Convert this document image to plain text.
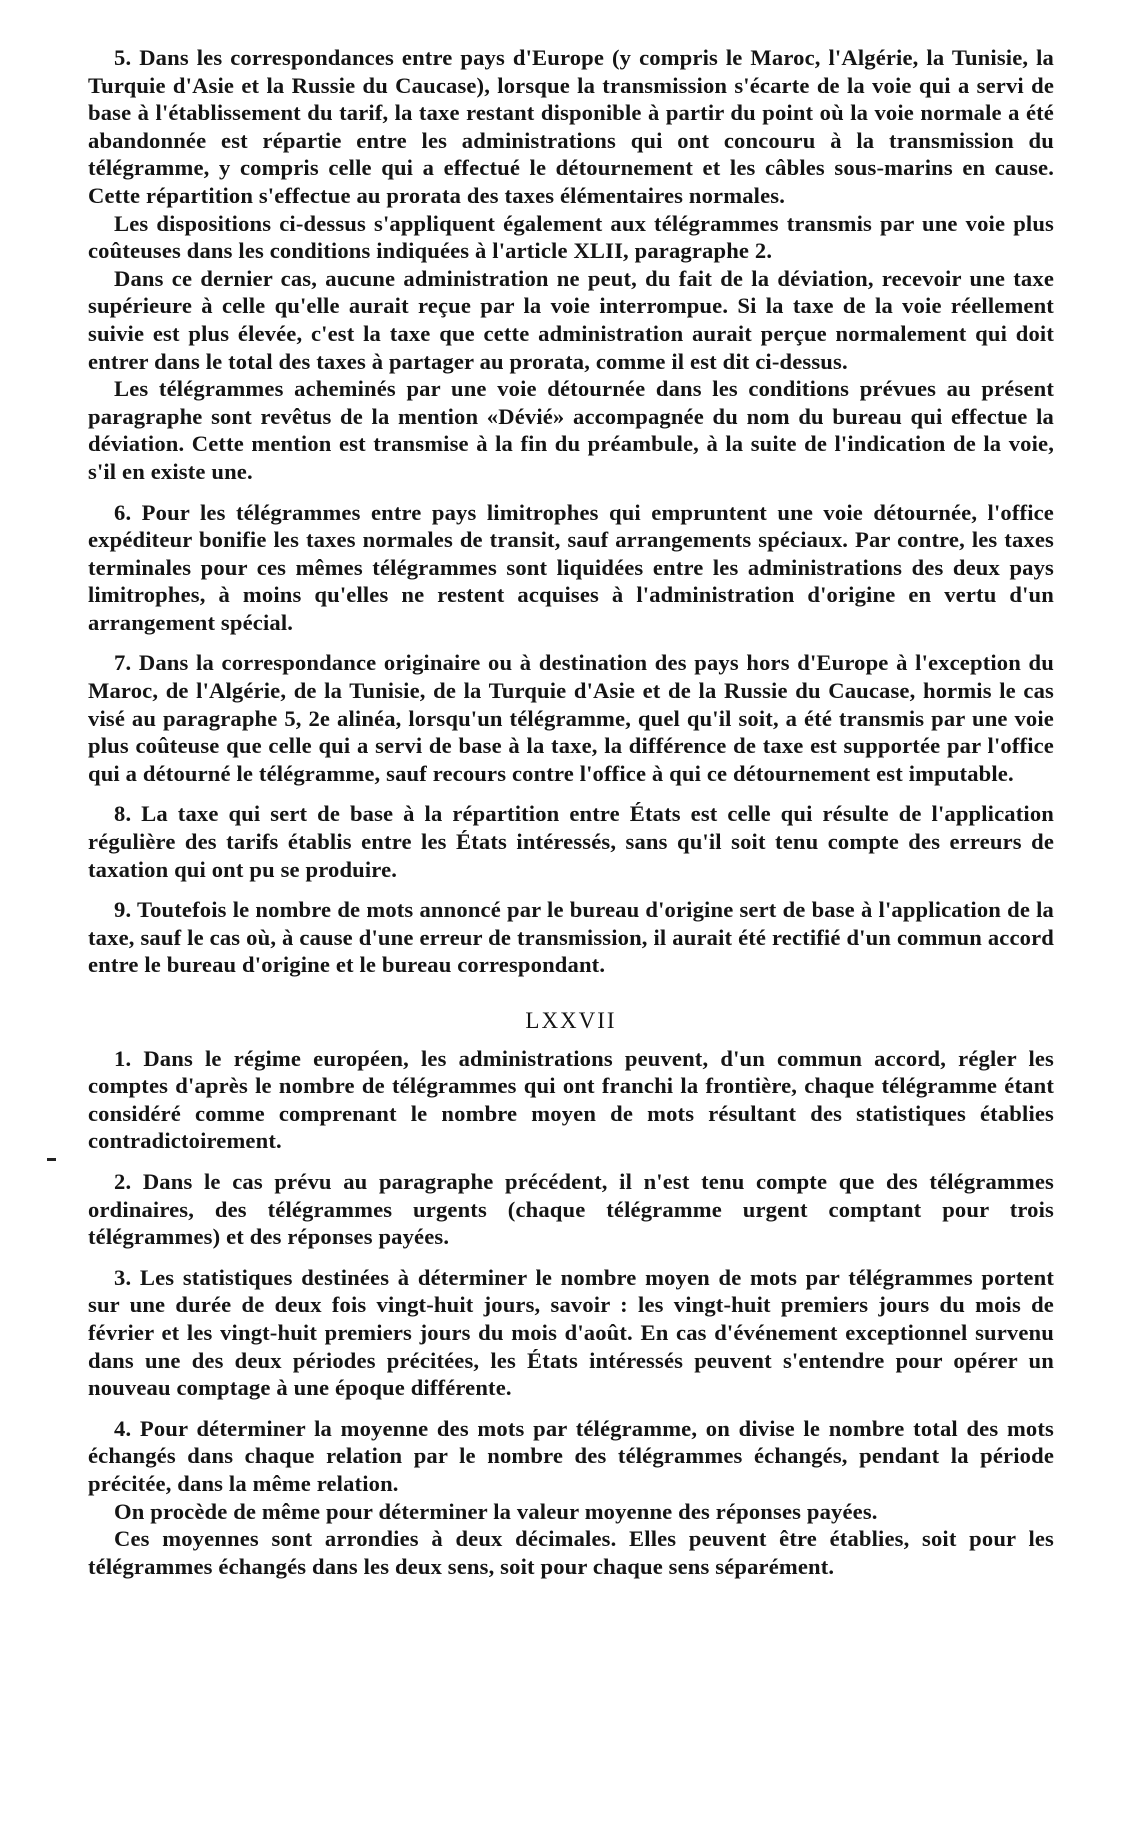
5. Dans les correspondances entre pays d'Europe (y compris le Maroc, l'Algérie, la Tunisie, la Turquie d'Asie et la Russie du Caucase), lorsque la transmission s'écarte de la voie qui a servi de base à l'établissement du tarif, la taxe restant disponible à partir du point où la voie normale a été abandonnée est répartie entre les administrations qui ont concouru à la transmission du télégramme, y compris celle qui a effectué le détournement et les câbles sous-marins en cause. Cette répartition s'effectue au prorata des taxes élémentaires normales.

Les dispositions ci-dessus s'appliquent également aux télégrammes transmis par une voie plus coûteuses dans les conditions indiquées à l'article XLII, paragraphe 2.

Dans ce dernier cas, aucune administration ne peut, du fait de la déviation, recevoir une taxe supérieure à celle qu'elle aurait reçue par la voie interrompue. Si la taxe de la voie réellement suivie est plus élevée, c'est la taxe que cette administration aurait perçue normalement qui doit entrer dans le total des taxes à partager au prorata, comme il est dit ci-dessus.

Les télégrammes acheminés par une voie détournée dans les conditions prévues au présent paragraphe sont revêtus de la mention «Dévié» accompagnée du nom du bureau qui effectue la déviation. Cette mention est transmise à la fin du préambule, à la suite de l'indication de la voie, s'il en existe une.

6. Pour les télégrammes entre pays limitrophes qui empruntent une voie détournée, l'office expéditeur bonifie les taxes normales de transit, sauf arrangements spéciaux. Par contre, les taxes terminales pour ces mêmes télégrammes sont liquidées entre les administrations des deux pays limitrophes, à moins qu'elles ne restent acquises à l'administration d'origine en vertu d'un arrangement spécial.

7. Dans la correspondance originaire ou à destination des pays hors d'Europe à l'exception du Maroc, de l'Algérie, de la Tunisie, de la Turquie d'Asie et de la Russie du Caucase, hormis le cas visé au paragraphe 5, 2e alinéa, lorsqu'un télégramme, quel qu'il soit, a été transmis par une voie plus coûteuse que celle qui a servi de base à la taxe, la différence de taxe est supportée par l'office qui a détourné le télégramme, sauf recours contre l'office à qui ce détournement est imputable.

8. La taxe qui sert de base à la répartition entre États est celle qui résulte de l'application régulière des tarifs établis entre les États intéressés, sans qu'il soit tenu compte des erreurs de taxation qui ont pu se produire.

9. Toutefois le nombre de mots annoncé par le bureau d'origine sert de base à l'application de la taxe, sauf le cas où, à cause d'une erreur de transmission, il aurait été rectifié d'un commun accord entre le bureau d'origine et le bureau correspondant.

LXXVII

1. Dans le régime européen, les administrations peuvent, d'un commun accord, régler les comptes d'après le nombre de télégrammes qui ont franchi la frontière, chaque télégramme étant considéré comme comprenant le nombre moyen de mots résultant des statistiques établies contradictoirement.

2. Dans le cas prévu au paragraphe précédent, il n'est tenu compte que des télégrammes ordinaires, des télégrammes urgents (chaque télégramme urgent comptant pour trois télégrammes) et des réponses payées.

3. Les statistiques destinées à déterminer le nombre moyen de mots par télégrammes portent sur une durée de deux fois vingt-huit jours, savoir : les vingt-huit premiers jours du mois de février et les vingt-huit premiers jours du mois d'août. En cas d'événement exceptionnel survenu dans une des deux périodes précitées, les États intéressés peuvent s'entendre pour opérer un nouveau comptage à une époque différente.

4. Pour déterminer la moyenne des mots par télégramme, on divise le nombre total des mots échangés dans chaque relation par le nombre des télégrammes échangés, pendant la période précitée, dans la même relation.

On procède de même pour déterminer la valeur moyenne des réponses payées.

Ces moyennes sont arrondies à deux décimales. Elles peuvent être établies, soit pour les télégrammes échangés dans les deux sens, soit pour chaque sens séparément.
